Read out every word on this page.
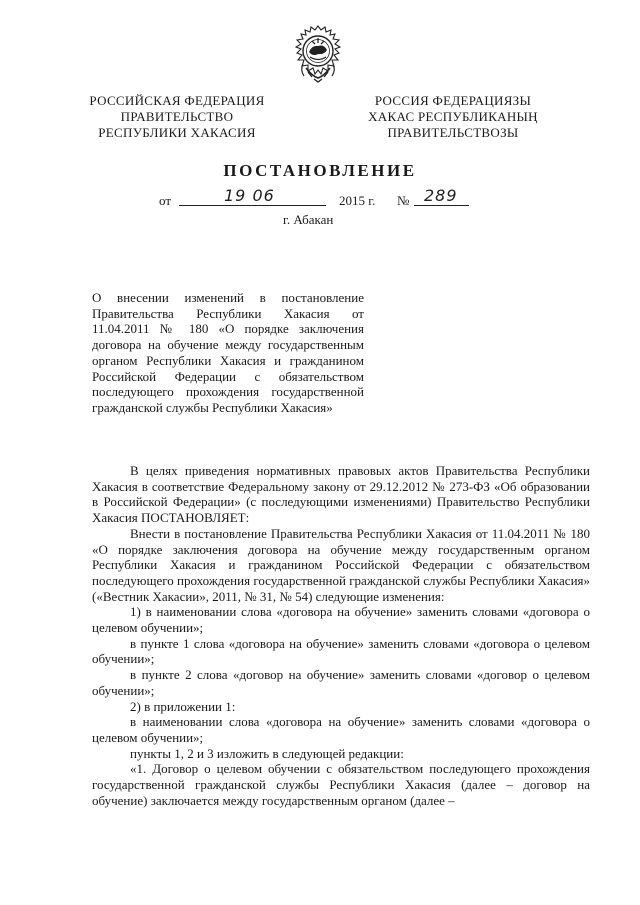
РОССИЙСКАЯ ФЕДЕРАЦИЯ
ПРАВИТЕЛЬСТВО
РЕСПУБЛИКИ ХАКАСИЯ
РОССИЯ ФЕДЕРАЦИЯЗЫ
ХАКАС РЕСПУБЛИКАНЫҢ
ПРАВИТЕЛЬСТВОЗЫ
ПОСТАНОВЛЕНИЕ
от	19 06	2015 г. № 289
г. Абакан

О внесении изменений в постановление Правительства Республики Хакасия от 11.04.2011 № 180 «О порядке заключения договора на обучение между государственным органом Республики Хакасия и гражданином Российской Федерации с обязательством последующего прохождения государственной гражданской службы Республики Хакасия»

В целях приведения нормативных правовых актов Правительства Республики Хакасия в соответствие Федеральному закону от 29.12.2012 № 273-ФЗ «Об образовании в Российской Федерации» (с последующими изменениями) Правительство Республики Хакасия ПОСТАНОВЛЯЕТ:

Внести в постановление Правительства Республики Хакасия от 11.04.2011 № 180 «О порядке заключения договора на обучение между государственным органом Республики Хакасия и гражданином Российской Федерации с обязательством последующего прохождения государственной гражданской службы Республики Хакасия» («Вестник Хакасии», 2011, № 31, № 54) следующие изменения:

1) в наименовании слова «договора на обучение» заменить словами «договора о целевом обучении»;

в пункте 1 слова «договора на обучение» заменить словами «договора о целевом обучении»;

в пункте 2 слова «договор на обучение» заменить словами «договор о целевом обучении»;

2) в приложении 1:

в наименовании слова «договора на обучение» заменить словами «договора о целевом обучении»;

пункты 1, 2 и 3 изложить в следующей редакции:

«1. Договор о целевом обучении с обязательством последующего прохождения государственной гражданской службы Республики Хакасия (далее – договор на обучение) заключается между государственным органом (далее –
